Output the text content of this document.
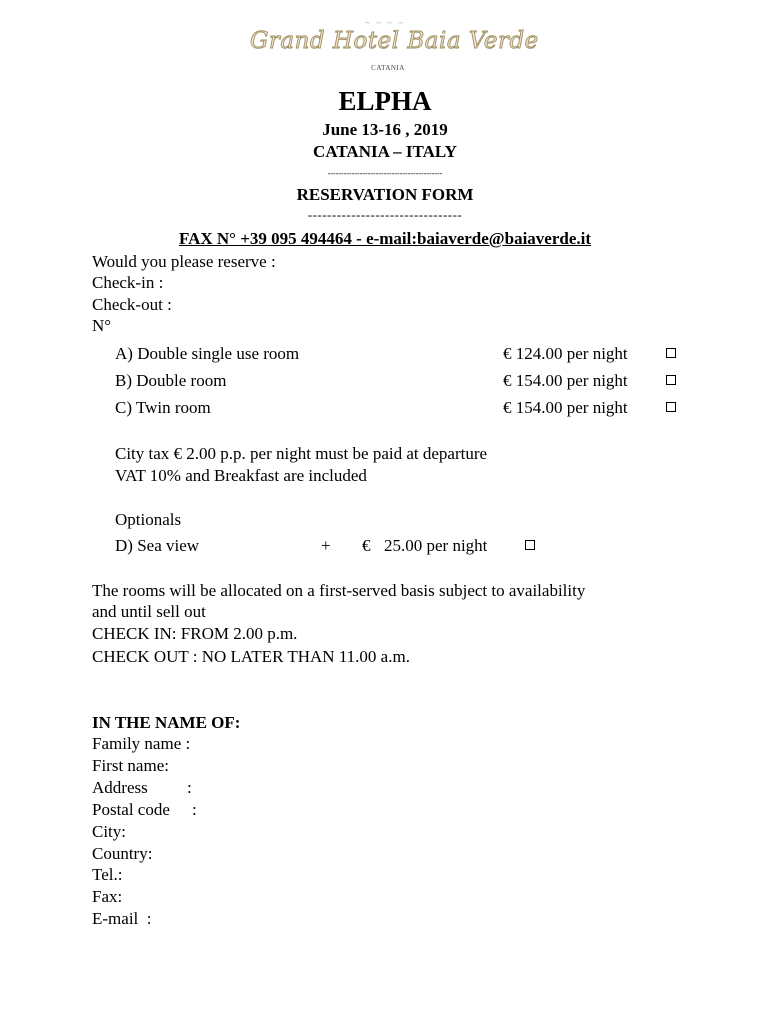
~ ~ ~ ~
Grand Hotel Baia Verde
CATANIA
ELPHA
June 13-16 , 2019
CATANIA – ITALY
-------------------------------------------
RESERVATION FORM
--------------------------------
FAX N° +39 095 494464 - e-mail:baiaverde@baiaverde.it
Would you please reserve :
Check-in :
Check-out :
N°
A) Double single use room	€ 124.00 per night
B) Double room	€ 154.00 per night
C) Twin room	€ 154.00 per night
City tax € 2.00 p.p. per night must be paid at departure
VAT 10% and Breakfast are included
Optionals
D) Sea view	+ € 25.00 per night
The rooms will be allocated on a first-served basis subject to availability
and until sell out
CHECK IN: FROM 2.00 p.m.
CHECK OUT : NO LATER THAN 11.00 a.m.
IN THE NAME OF:
Family name :
First name:
Address :
Postal code :
City:
Country:
Tel.:
Fax:
E-mail  :
